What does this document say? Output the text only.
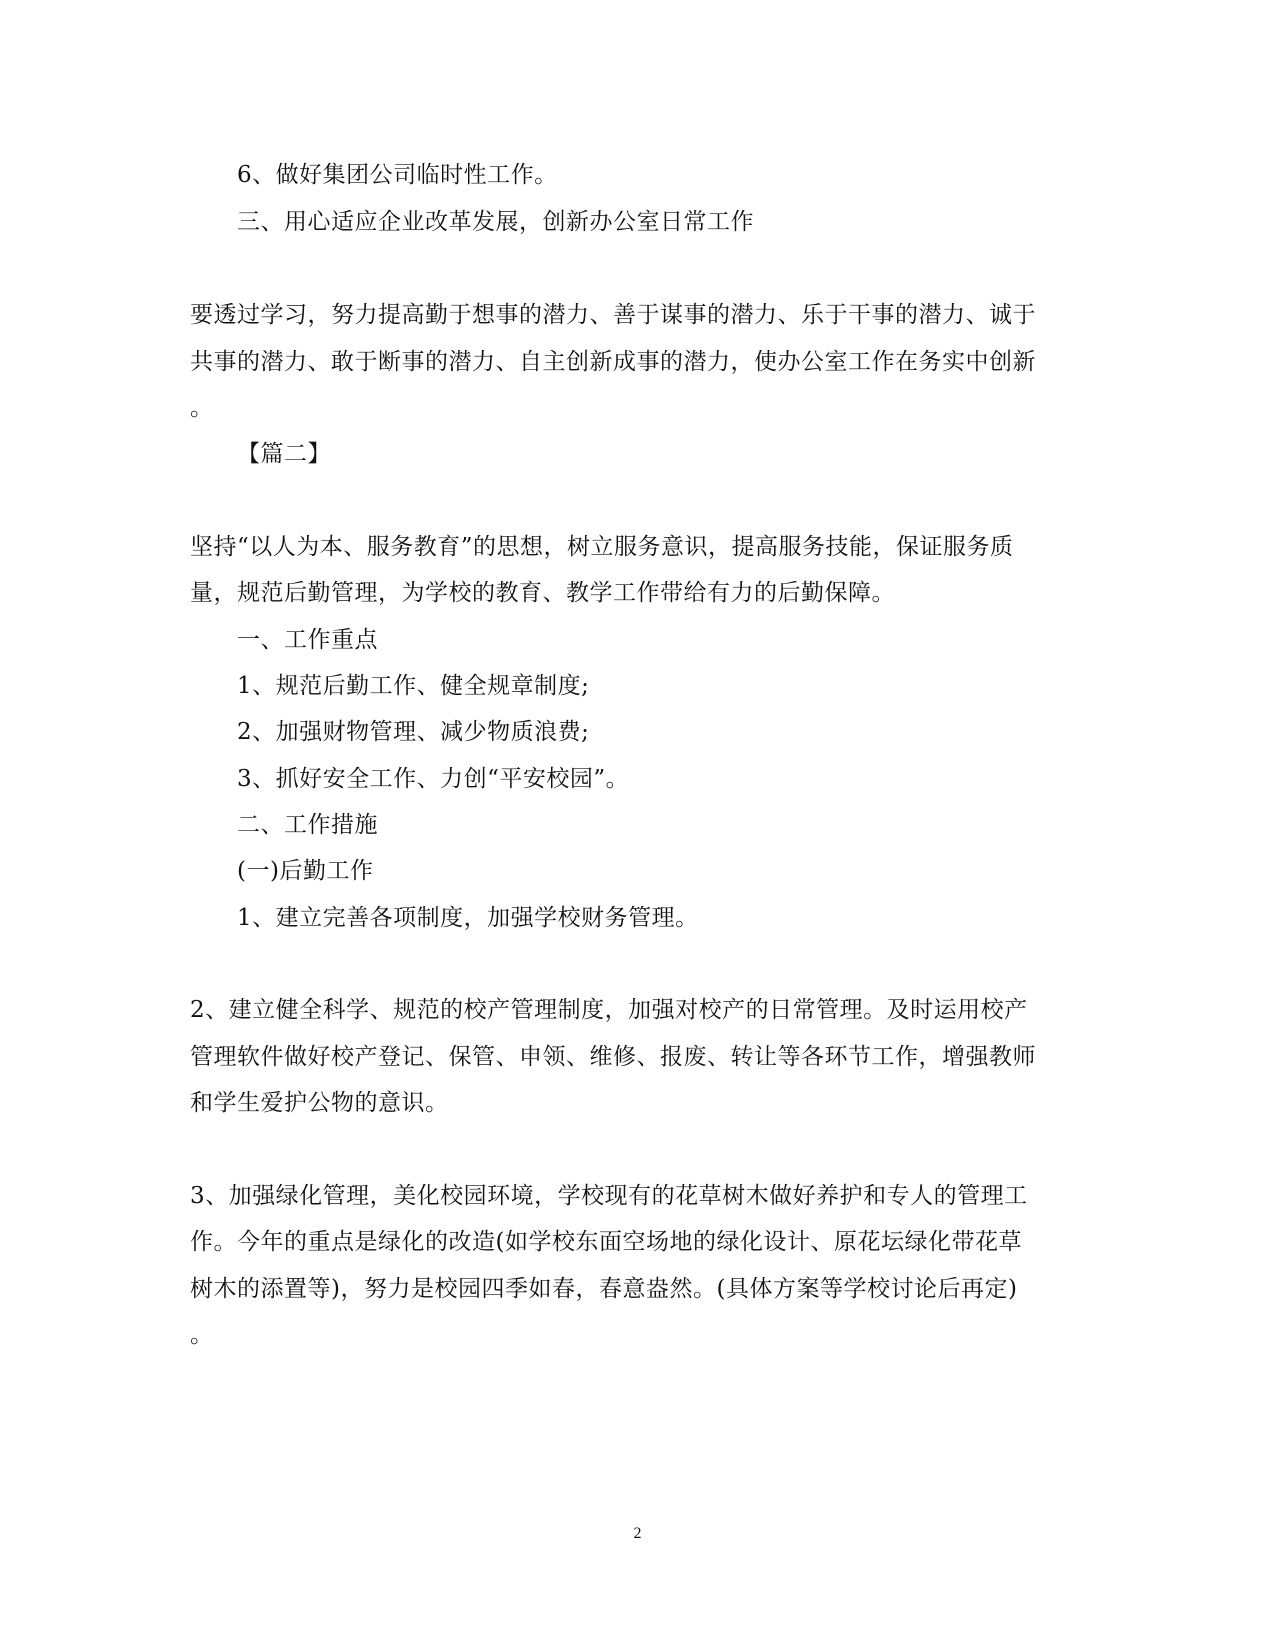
6、做好集团公司临时性工作。
三、用心适应企业改革发展，创新办公室日常工作
要透过学习，努力提高勤于想事的潜力、善于谋事的潜力、乐于干事的潜力、诚于
共事的潜力、敢于断事的潜力、自主创新成事的潜力，使办公室工作在务实中创新
。
【篇二】
坚持“以人为本、服务教育”的思想，树立服务意识，提高服务技能，保证服务质
量，规范后勤管理，为学校的教育、教学工作带给有力的后勤保障。
一、工作重点
1、规范后勤工作、健全规章制度;
2、加强财物管理、减少物质浪费;
3、抓好安全工作、力创“平安校园”。
二、工作措施
(一)后勤工作
1、建立完善各项制度，加强学校财务管理。
2、建立健全科学、规范的校产管理制度，加强对校产的日常管理。及时运用校产
管理软件做好校产登记、保管、申领、维修、报废、转让等各环节工作，增强教师
和学生爱护公物的意识。
3、加强绿化管理，美化校园环境，学校现有的花草树木做好养护和专人的管理工
作。今年的重点是绿化的改造(如学校东面空场地的绿化设计、原花坛绿化带花草
树木的添置等)，努力是校园四季如春，春意盎然。(具体方案等学校讨论后再定)
。
2
